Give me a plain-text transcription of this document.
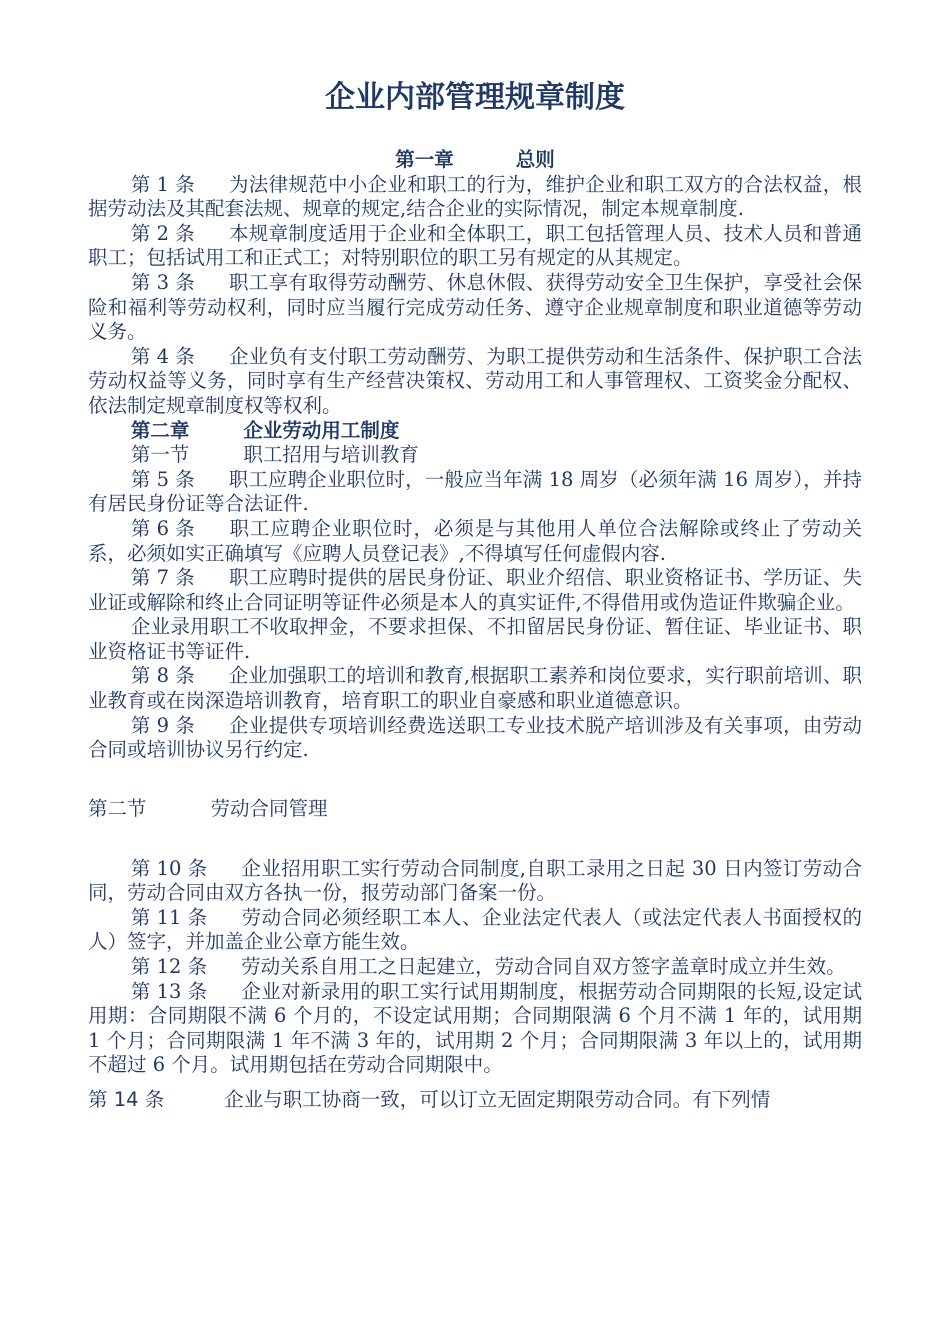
企业内部管理规章制度
第一章	总则

第 1 条 为法律规范中小企业和职工的行为，维护企业和职工双方的合法权益，根据劳动法及其配套法规、规章的规定,结合企业的实际情况，制定本规章制度.

第 2 条 本规章制度适用于企业和全体职工，职工包括管理人员、技术人员和普通职工；包括试用工和正式工；对特别职位的职工另有规定的从其规定。

第 3 条 职工享有取得劳动酬劳、休息休假、获得劳动安全卫生保护，享受社会保险和福利等劳动权利，同时应当履行完成劳动任务、遵守企业规章制度和职业道德等劳动义务。

第 4 条 企业负有支付职工劳动酬劳、为职工提供劳动和生活条件、保护职工合法劳动权益等义务，同时享有生产经营决策权、劳动用工和人事管理权、工资奖金分配权、依法制定规章制度权等权利。

第二章	企业劳动用工制度

第一节	职工招用与培训教育

第 5 条 职工应聘企业职位时，一般应当年满 18 周岁（必须年满 16 周岁），并持有居民身份证等合法证件.

第 6 条 职工应聘企业职位时，必须是与其他用人单位合法解除或终止了劳动关系，必须如实正确填写《应聘人员登记表》,不得填写任何虚假内容.

第 7 条 职工应聘时提供的居民身份证、职业介绍信、职业资格证书、学历证、失业证或解除和终止合同证明等证件必须是本人的真实证件,不得借用或伪造证件欺骗企业。

企业录用职工不收取押金，不要求担保、不扣留居民身份证、暂住证、毕业证书、职业资格证书等证件.

第 8 条 企业加强职工的培训和教育,根据职工素养和岗位要求，实行职前培训、职业教育或在岗深造培训教育，培育职工的职业自豪感和职业道德意识。

第 9 条 企业提供专项培训经费选送职工专业技术脱产培训涉及有关事项，由劳动合同或培训协议另行约定.

第二节	劳动合同管理

第 10 条 企业招用职工实行劳动合同制度,自职工录用之日起 30 日内签订劳动合同，劳动合同由双方各执一份，报劳动部门备案一份。

第 11 条 劳动合同必须经职工本人、企业法定代表人（或法定代表人书面授权的人）签字，并加盖企业公章方能生效。

第 12 条 劳动关系自用工之日起建立，劳动合同自双方签字盖章时成立并生效。

第 13 条 企业对新录用的职工实行试用期制度，根据劳动合同期限的长短,设定试用期：合同期限不满 6 个月的，不设定试用期；合同期限满 6 个月不满 1 年的，试用期 1 个月；合同期限满 1 年不满 3 年的，试用期 2 个月；合同期限满 3 年以上的，试用期不超过 6 个月。试用期包括在劳动合同期限中。

第 14 条	企业与职工协商一致，可以订立无固定期限劳动合同。有下列情
